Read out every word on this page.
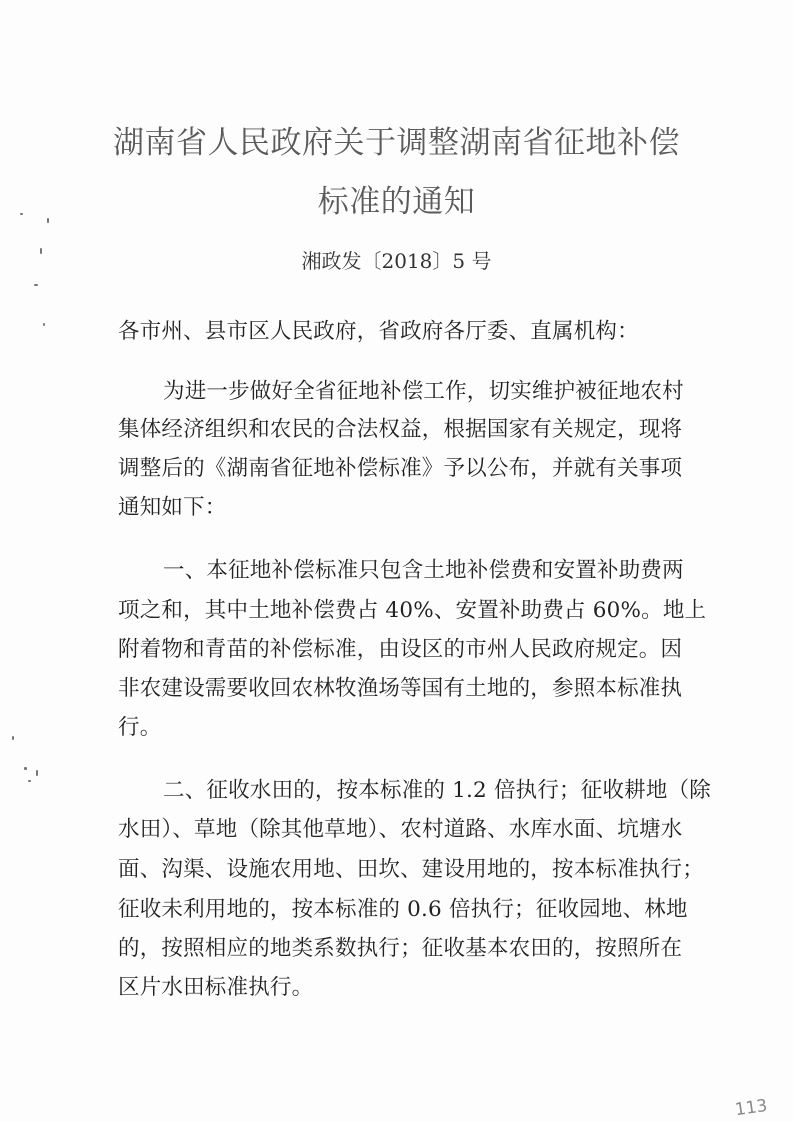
湖南省人民政府关于调整湖南省征地补偿
标准的通知
湘政发〔2018〕5 号
各市州、县市区人民政府，省政府各厅委、直属机构：
为进一步做好全省征地补偿工作，切实维护被征地农村
集体经济组织和农民的合法权益，根据国家有关规定，现将
调整后的《湖南省征地补偿标准》予以公布，并就有关事项
通知如下：
一、本征地补偿标准只包含土地补偿费和安置补助费两
项之和，其中土地补偿费占 40%、安置补助费占 60%。地上
附着物和青苗的补偿标准，由设区的市州人民政府规定。因
非农建设需要收回农林牧渔场等国有土地的，参照本标准执
行。
二、征收水田的，按本标准的 1.2 倍执行；征收耕地（除
水田）、草地（除其他草地）、农村道路、水库水面、坑塘水
面、沟渠、设施农用地、田坎、建设用地的，按本标准执行；
征收未利用地的，按本标准的 0.6 倍执行；征收园地、林地
的，按照相应的地类系数执行；征收基本农田的，按照所在
区片水田标准执行。
113
